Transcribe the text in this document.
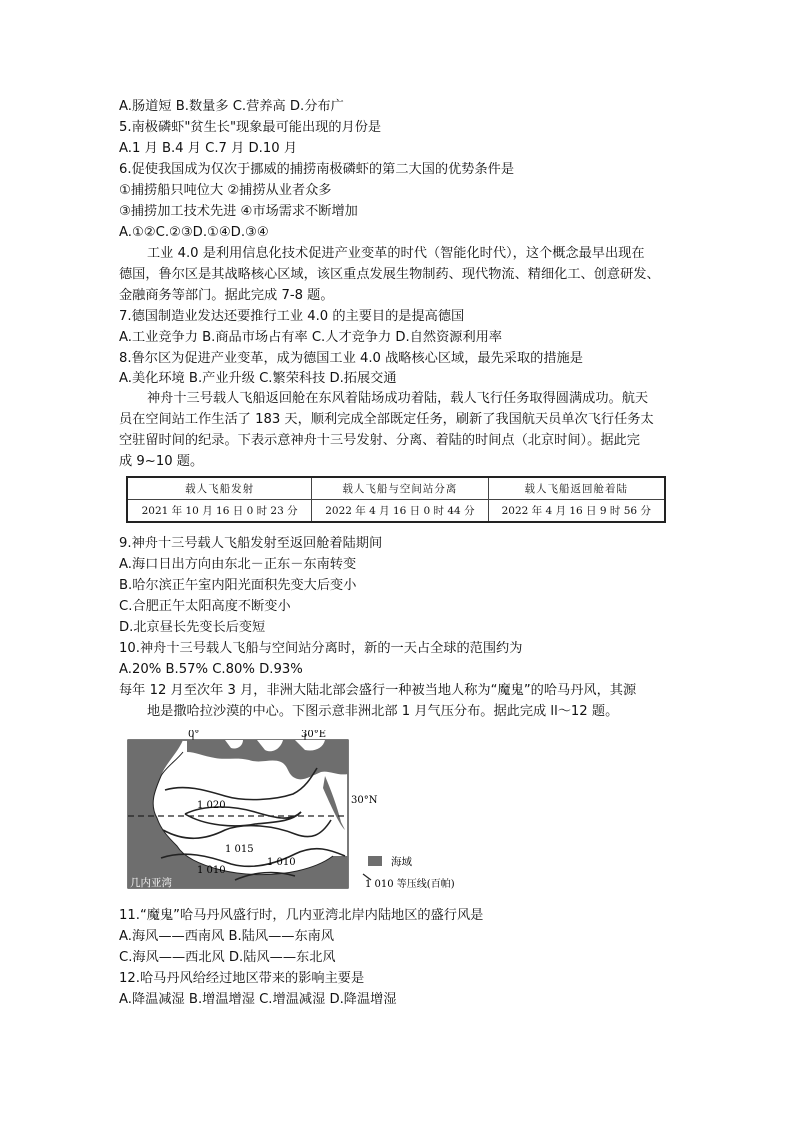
A.肠道短 B.数量多 C.营养高 D.分布广
5.南极磷虾"贫生长"现象最可能出现的月份是
A.1 月 B.4 月 C.7 月 D.10 月
6.促使我国成为仅次于挪威的捕捞南极磷虾的第二大国的优势条件是
①捕捞船只吨位大 ②捕捞从业者众多
③捕捞加工技术先进 ④市场需求不断增加
A.①②C.②③D.①④D.③④
工业 4.0 是利用信息化技术促进产业变革的时代（智能化时代），这个概念最早出现在
德国，鲁尔区是其战略核心区域，该区重点发展生物制药、现代物流、精细化工、创意研发、
金融商务等部门。据此完成 7-8 题。
7.德国制造业发达还要推行工业 4.0 的主要目的是提高德国
A.工业竞争力 B.商品市场占有率 C.人才竞争力 D.自然资源利用率
8.鲁尔区为促进产业变革，成为德国工业 4.0 战略核心区域，最先采取的措施是
A.美化环境 B.产业升级 C.繁荣科技 D.拓展交通
神舟十三号载人飞船返回舱在东风着陆场成功着陆，载人飞行任务取得圆满成功。航天
员在空间站工作生活了 183 天，顺利完成全部既定任务，刷新了我国航天员单次飞行任务太
空驻留时间的纪录。下表示意神舟十三号发射、分离、着陆的时间点（北京时间）。据此完
成 9~10 题。
载人飞船发射	载人飞船与空间站分离	载人飞船返回舱着陆
2021 年 10 月 16 日 0 时 23 分	2022 年 4 月 16 日 0 时 44 分	2022 年 4 月 16 日 9 时 56 分
9.神舟十三号载人飞船发射至返回舱着陆期间
A.海口日出方向由东北－正东－东南转变
B.哈尔滨正午室内阳光面积先变大后变小
C.合肥正午太阳高度不断变小
D.北京昼长先变长后变短
10.神舟十三号载人飞船与空间站分离时，新的一天占全球的范围约为
A.20% B.57% C.80% D.93%
每年 12 月至次年 3 月，非洲大陆北部会盛行一种被当地人称为“魔鬼”的哈马丹风，其源
地是撒哈拉沙漠的中心。下图示意非洲北部 1 月气压分布。据此完成 ll～12 题。
0°	30°E
30°N
1 020
1 015
1 010
1 010
几内亚湾
海域
1 010 等压线(百帕)
11.“魔鬼”哈马丹风盛行时，几内亚湾北岸内陆地区的盛行风是
A.海风——西南风 B.陆风——东南风
C.海风——西北风 D.陆风——东北风
12.哈马丹风给经过地区带来的影响主要是
A.降温减湿 B.增温增湿 C.增温减湿 D.降温增湿
